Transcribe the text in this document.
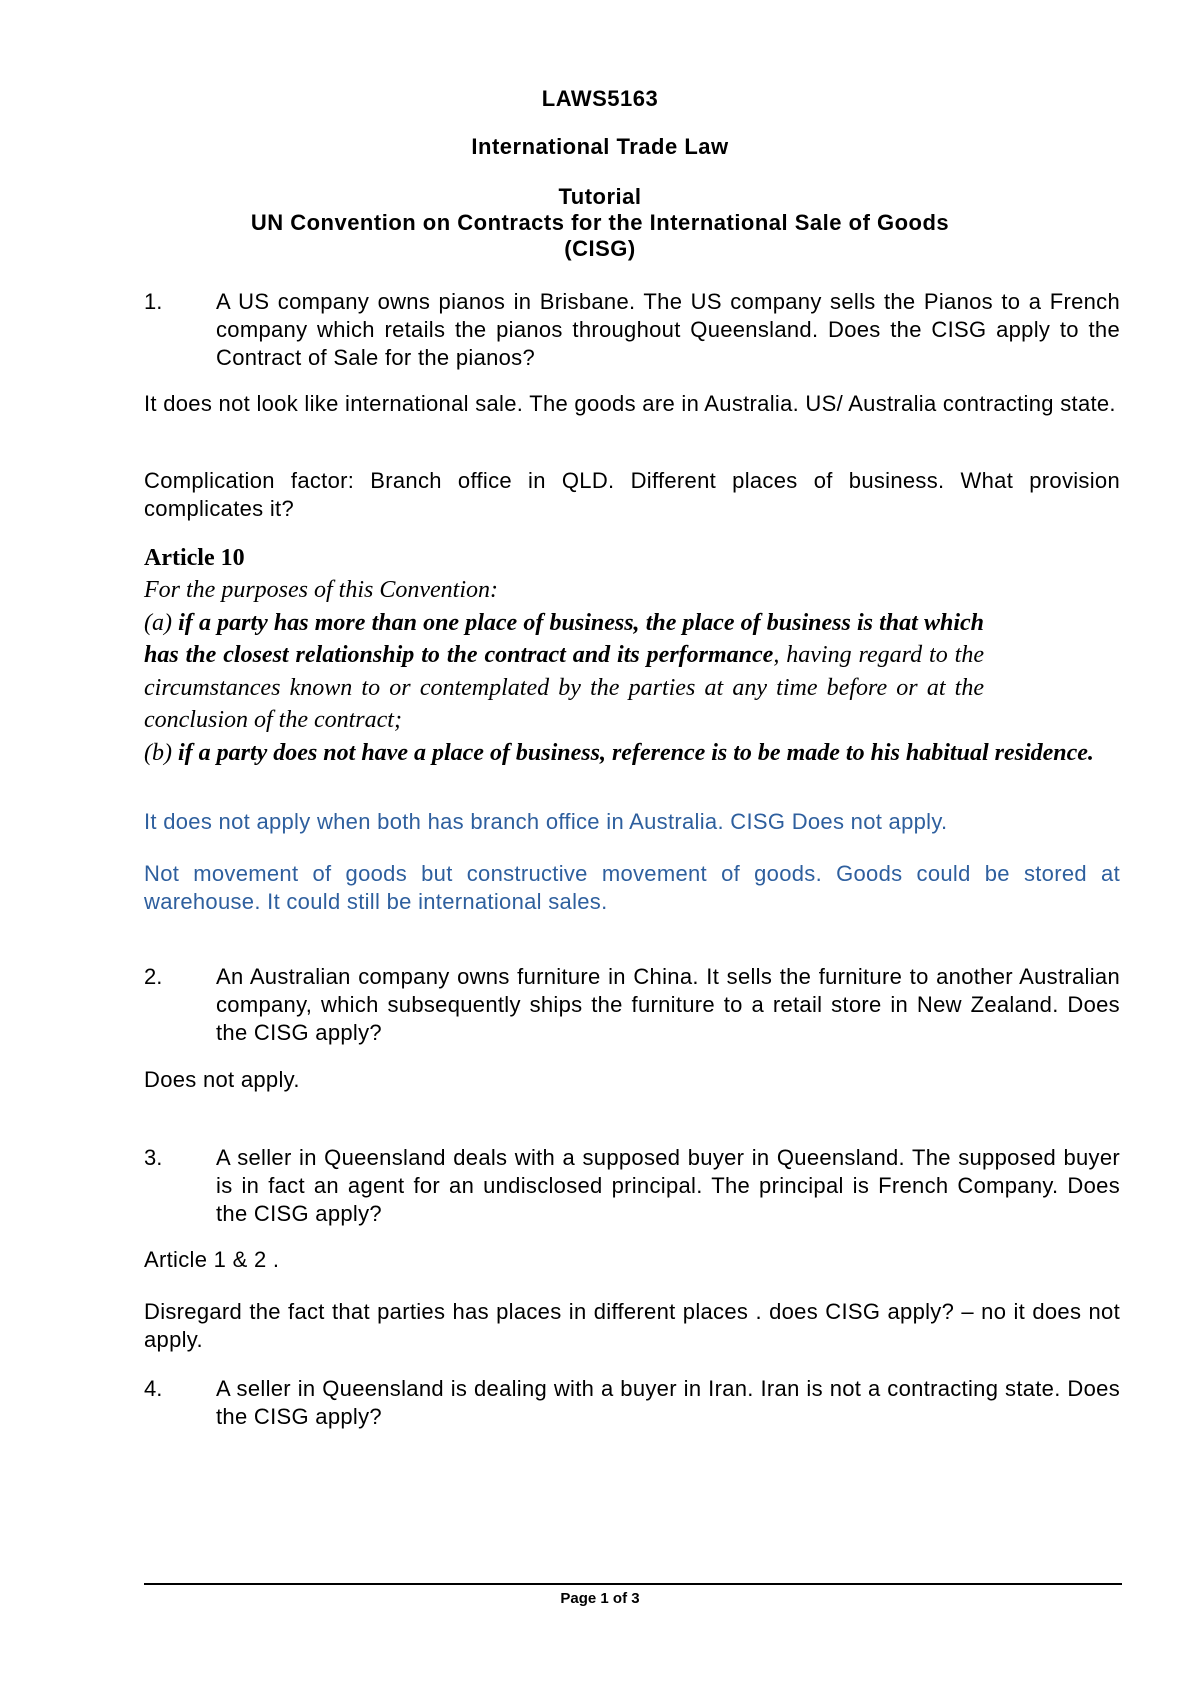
LAWS5163
International Trade Law
Tutorial
UN Convention on Contracts for the International Sale of Goods
(CISG)
1. A US company owns pianos in Brisbane. The US company sells the Pianos to a French company which retails the pianos throughout Queensland. Does the CISG apply to the Contract of Sale for the pianos?
It does not look like international sale. The goods are in Australia. US/ Australia contracting state.
Complication factor: Branch office in QLD. Different places of business. What provision complicates it?
Article 10
For the purposes of this Convention:
(a) if a party has more than one place of business, the place of business is that which has the closest relationship to the contract and its performance, having regard to the circumstances known to or contemplated by the parties at any time before or at the conclusion of the contract;
(b) if a party does not have a place of business, reference is to be made to his habitual residence.
It does not apply when both has branch office in Australia. CISG Does not apply.
Not movement of goods but constructive movement of goods. Goods could be stored at warehouse. It could still be international sales.
2. An Australian company owns furniture in China. It sells the furniture to another Australian company, which subsequently ships the furniture to a retail store in New Zealand. Does the CISG apply?
Does not apply.
3. A seller in Queensland deals with a supposed buyer in Queensland. The supposed buyer is in fact an agent for an undisclosed principal. The principal is French Company. Does the CISG apply?
Article 1 & 2 .
Disregard the fact that parties has places in different places . does CISG apply? – no it does not apply.
4. A seller in Queensland is dealing with a buyer in Iran. Iran is not a contracting state. Does the CISG apply?
Page 1 of 3
